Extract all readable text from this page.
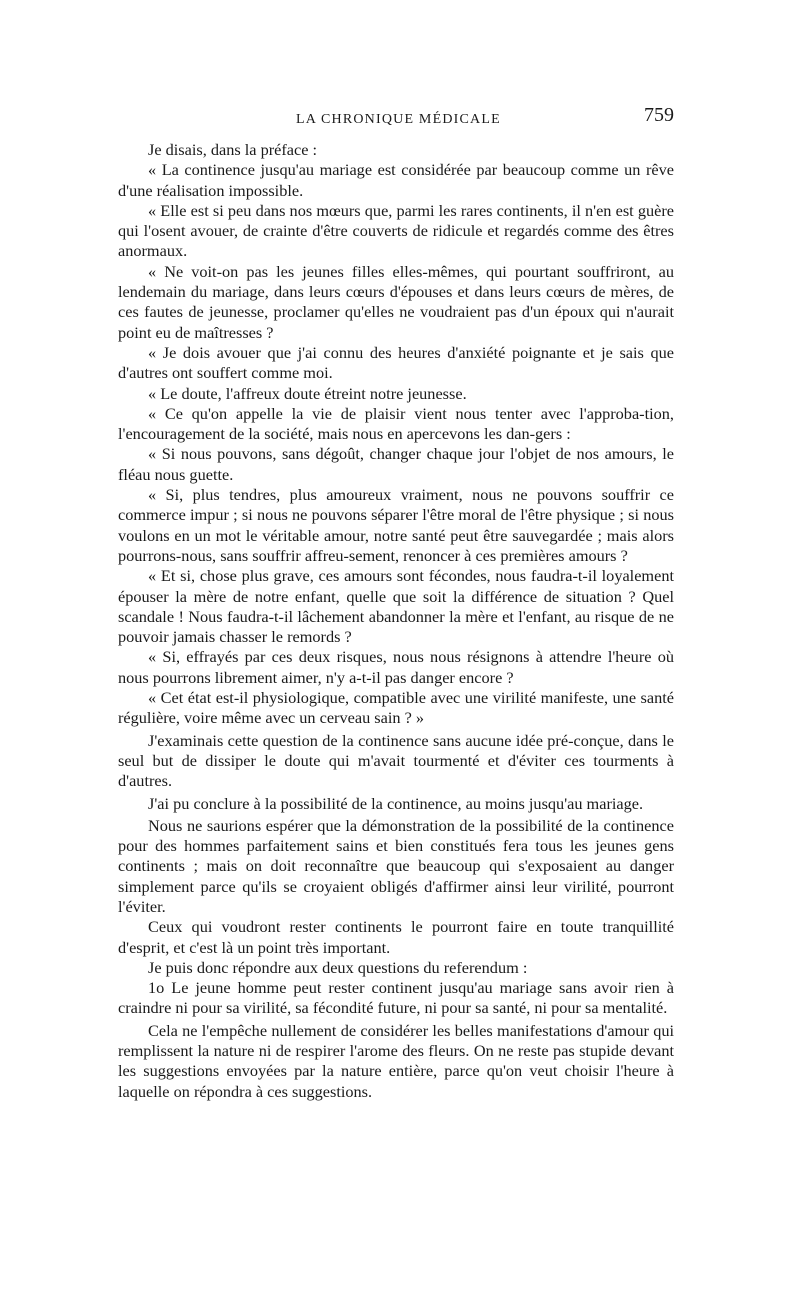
LA CHRONIQUE MÉDICALE	759

Je disais, dans la préface :

« La continence jusqu'au mariage est considérée par beaucoup comme un rêve d'une réalisation impossible.

« Elle est si peu dans nos mœurs que, parmi les rares continents, il n'en est guère qui l'osent avouer, de crainte d'être couverts de ridicule et regardés comme des êtres anormaux.

« Ne voit-on pas les jeunes filles elles-mêmes, qui pourtant souffriront, au lendemain du mariage, dans leurs cœurs d'épouses et dans leurs cœurs de mères, de ces fautes de jeunesse, proclamer qu'elles ne voudraient pas d'un époux qui n'aurait point eu de maîtresses ?

« Je dois avouer que j'ai connu des heures d'anxiété poignante et je sais que d'autres ont souffert comme moi.

« Le doute, l'affreux doute étreint notre jeunesse.

« Ce qu'on appelle la vie de plaisir vient nous tenter avec l'approba-tion, l'encouragement de la société, mais nous en apercevons les dan-gers :

« Si nous pouvons, sans dégoût, changer chaque jour l'objet de nos amours, le fléau nous guette.

« Si, plus tendres, plus amoureux vraiment, nous ne pouvons souffrir ce commerce impur ; si nous ne pouvons séparer l'être moral de l'être physique ; si nous voulons en un mot le véritable amour, notre santé peut être sauvegardée ; mais alors pourrons-nous, sans souffrir affreu-sement, renoncer à ces premières amours ?

« Et si, chose plus grave, ces amours sont fécondes, nous faudra-t-il loyalement épouser la mère de notre enfant, quelle que soit la différence de situation ? Quel scandale ! Nous faudra-t-il lâchement abandonner la mère et l'enfant, au risque de ne pouvoir jamais chasser le remords ?

« Si, effrayés par ces deux risques, nous nous résignons à attendre l'heure où nous pourrons librement aimer, n'y a-t-il pas danger encore ?

« Cet état est-il physiologique, compatible avec une virilité manifeste, une santé régulière, voire même avec un cerveau sain ? »

J'examinais cette question de la continence sans aucune idée pré-conçue, dans le seul but de dissiper le doute qui m'avait tourmenté et d'éviter ces tourments à d'autres.

J'ai pu conclure à la possibilité de la continence, au moins jusqu'au mariage.

Nous ne saurions espérer que la démonstration de la possibilité de la continence pour des hommes parfaitement sains et bien constitués fera tous les jeunes gens continents ; mais on doit reconnaître que beaucoup qui s'exposaient au danger simplement parce qu'ils se croyaient obligés d'affirmer ainsi leur virilité, pourront l'éviter.

Ceux qui voudront rester continents le pourront faire en toute tranquillité d'esprit, et c'est là un point très important.

Je puis donc répondre aux deux questions du referendum :

1o Le jeune homme peut rester continent jusqu'au mariage sans avoir rien à craindre ni pour sa virilité, sa fécondité future, ni pour sa santé, ni pour sa mentalité.

Cela ne l'empêche nullement de considérer les belles manifestations d'amour qui remplissent la nature ni de respirer l'arome des fleurs. On ne reste pas stupide devant les suggestions envoyées par la nature entière, parce qu'on veut choisir l'heure à laquelle on répondra à ces suggestions.
